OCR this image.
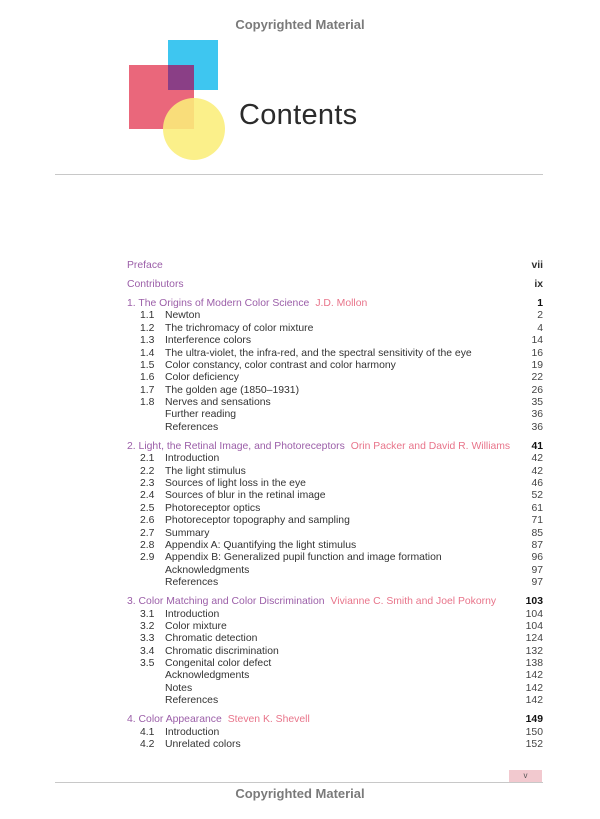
Copyrighted Material
Contents
Preface	vii
Contributors	ix
1. The Origins of Modern Color Science J.D. Mollon	1
1.1 Newton	2
1.2 The trichromacy of color mixture	4
1.3 Interference colors	14
1.4 The ultra-violet, the infra-red, and the spectral sensitivity of the eye	16
1.5 Color constancy, color contrast and color harmony	19
1.6 Color deficiency	22
1.7 The golden age (1850–1931)	26
1.8 Nerves and sensations	35
Further reading	36
References	36
2. Light, the Retinal Image, and Photoreceptors Orin Packer and David R. Williams 41
2.1 Introduction	42
2.2 The light stimulus	42
2.3 Sources of light loss in the eye	46
2.4 Sources of blur in the retinal image	52
2.5 Photoreceptor optics	61
2.6 Photoreceptor topography and sampling	71
2.7 Summary	85
2.8 Appendix A: Quantifying the light stimulus	87
2.9 Appendix B: Generalized pupil function and image formation	96
Acknowledgments	97
References	97
3. Color Matching and Color Discrimination Vivianne C. Smith and Joel Pokorny	103
3.1 Introduction	104
3.2 Color mixture	104
3.3 Chromatic detection	124
3.4 Chromatic discrimination	132
3.5 Congenital color defect	138
Acknowledgments	142
Notes	142
References	142
4. Color Appearance Steven K. Shevell	149
4.1 Introduction	150
4.2 Unrelated colors	152
v
Copyrighted Material
